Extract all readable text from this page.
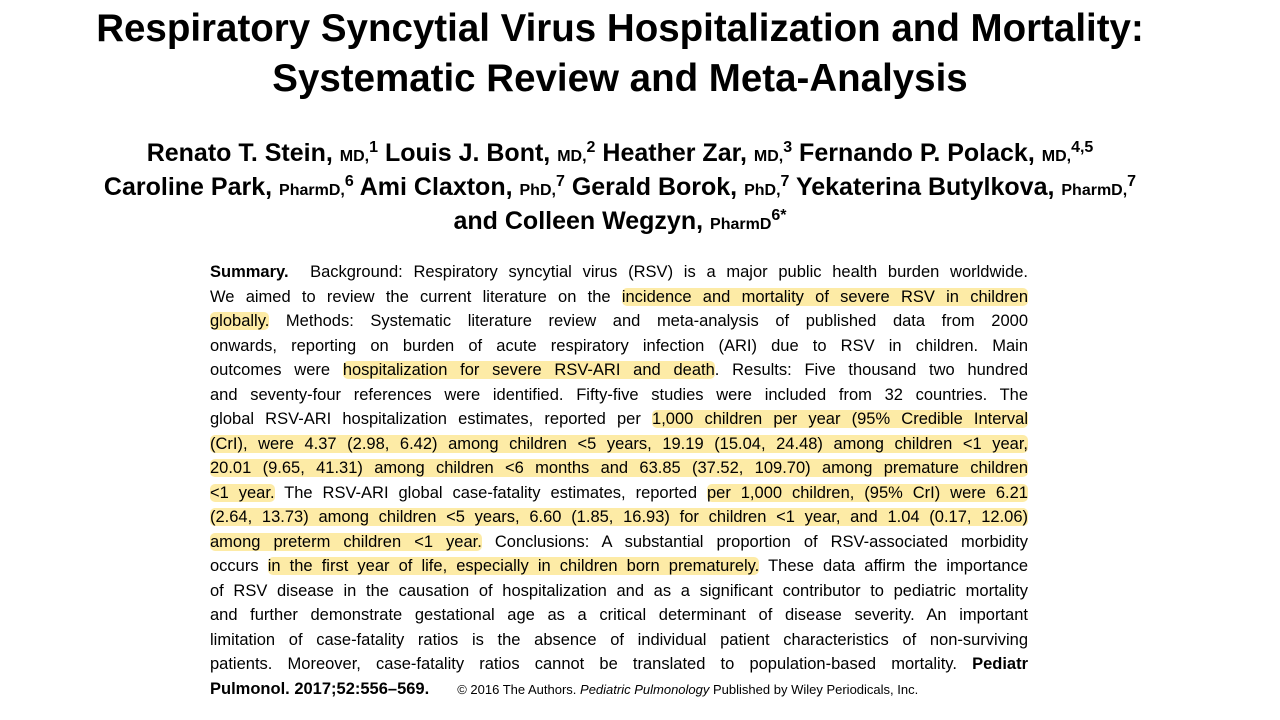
Respiratory Syncytial Virus Hospitalization and Mortality:
Systematic Review and Meta-Analysis
Renato T. Stein, MD,$^1$ Louis J. Bont, MD,$^2$ Heather Zar, MD,$^3$ Fernando P. Polack, MD,$^{4,5}$
Caroline Park, PharmD,$^6$ Ami Claxton, PhD,$^7$ Gerald Borok, PhD,$^7$ Yekaterina Butylkova, PharmD,$^7$
and Colleen Wegzyn, PharmD$^{6*}$
Summary. Background: Respiratory syncytial virus (RSV) is a major public health burden worldwide.
We aimed to review the current literature on the incidence and mortality of severe RSV in children
globally. Methods: Systematic literature review and meta-analysis of published data from 2000
onwards, reporting on burden of acute respiratory infection (ARI) due to RSV in children. Main
outcomes were hospitalization for severe RSV-ARI and death. Results: Five thousand two hundred
and seventy-four references were identified. Fifty-five studies were included from 32 countries. The
global RSV-ARI hospitalization estimates, reported per 1,000 children per year (95% Credible Interval
(CrI), were 4.37 (2.98, 6.42) among children <5 years, 19.19 (15.04, 24.48) among children <1 year,
20.01 (9.65, 41.31) among children <6 months and 63.85 (37.52, 109.70) among premature children
<1 year. The RSV-ARI global case-fatality estimates, reported per 1,000 children, (95% CrI) were 6.21
(2.64, 13.73) among children <5 years, 6.60 (1.85, 16.93) for children <1 year, and 1.04 (0.17, 12.06)
among preterm children <1 year. Conclusions: A substantial proportion of RSV-associated morbidity
occurs in the first year of life, especially in children born prematurely. These data affirm the importance
of RSV disease in the causation of hospitalization and as a significant contributor to pediatric mortality
and further demonstrate gestational age as a critical determinant of disease severity. An important
limitation of case-fatality ratios is the absence of individual patient characteristics of non-surviving
patients. Moreover, case-fatality ratios cannot be translated to population-based mortality. Pediatr
Pulmonol. 2017;52:556–569. © 2016 The Authors. Pediatric Pulmonology Published by Wiley Periodicals, Inc.
